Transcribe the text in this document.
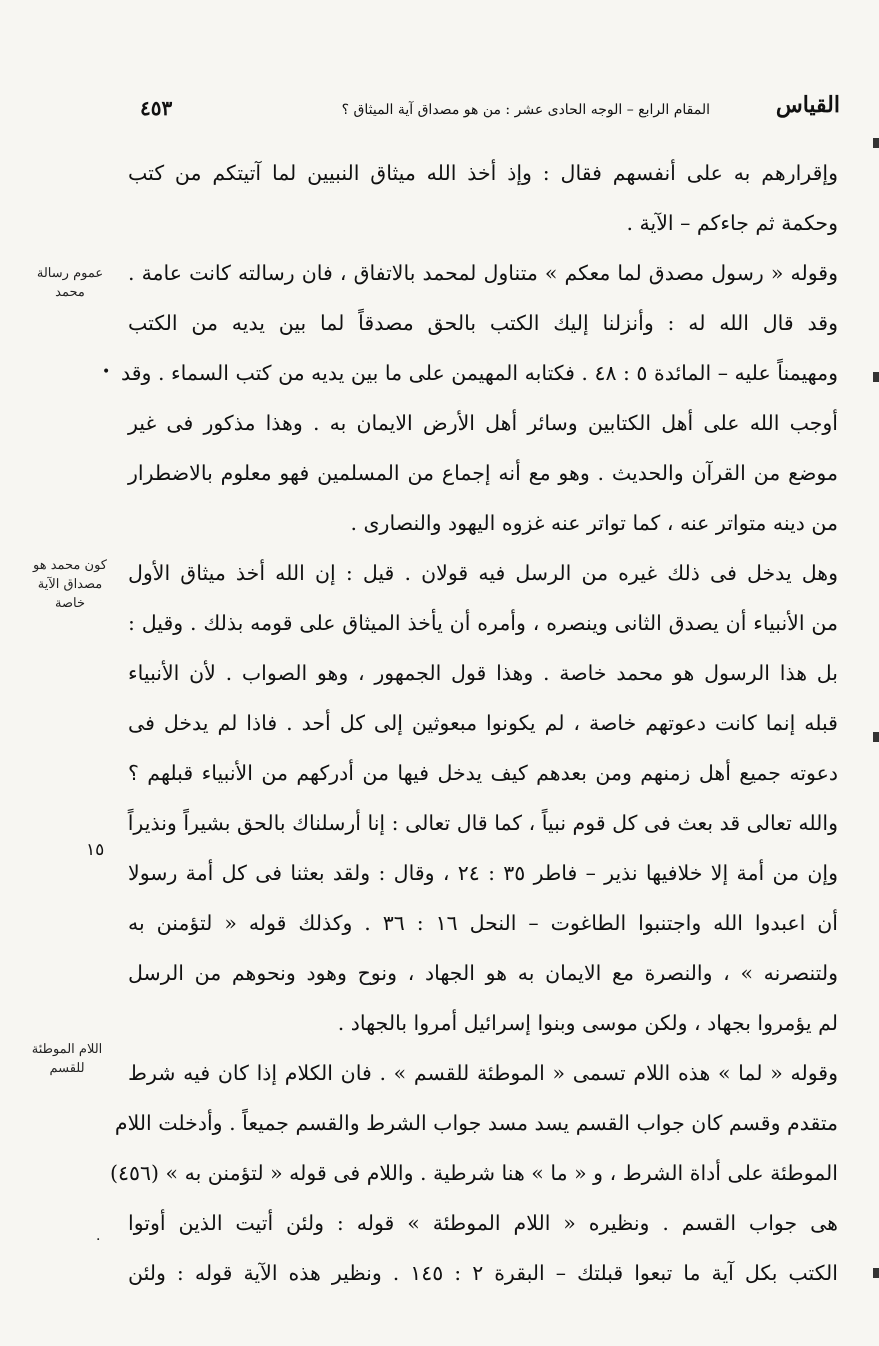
القياس
المقام الرابع – الوجه الحادى عشر : من هو مصداق آية الميثاق ؟
٤٥٣
وإقرارهم به على أنفسهم فقال : وإذ أخذ الله ميثاق النبيين لما آتيتكم من كتب
وحكمة ثم جاءكم – الآية .
وقوله « رسول مصدق لما معكم » متناول لمحمد بالاتفاق ، فان رسالته كانت عامة .
وقد قال الله له : وأنزلنا إليك الكتب بالحق مصدقاً لما بين يديه من الكتب
ومهيمناً عليه – المائدة ٥ : ٤٨ . فكتابه المهيمن على ما بين يديه من كتب السماء . وقد
أوجب الله على أهل الكتابين وسائر أهل الأرض الايمان به . وهذا مذكور فى غير
موضع من القرآن والحديث . وهو مع أنه إجماع من المسلمين فهو معلوم بالاضطرار
من دينه متواتر عنه ، كما تواتر عنه غزوه اليهود والنصارى .
وهل يدخل فى ذلك غيره من الرسل فيه قولان . قيل : إن الله أخذ ميثاق الأول
من الأنبياء أن يصدق الثانى وينصره ، وأمره أن يأخذ الميثاق على قومه بذلك . وقيل :
بل هذا الرسول هو محمد خاصة . وهذا قول الجمهور ، وهو الصواب . لأن الأنبياء
قبله إنما كانت دعوتهم خاصة ، لم يكونوا مبعوثين إلى كل أحد . فاذا لم يدخل فى
دعوته جميع أهل زمنهم ومن بعدهم كيف يدخل فيها من أدركهم من الأنبياء قبلهم ؟
والله تعالى قد بعث فى كل قوم نبياً ، كما قال تعالى : إنا أرسلناك بالحق بشيراً ونذيراً
وإن من أمة إلا خلافيها نذير – فاطر ٣٥ : ٢٤ ، وقال : ولقد بعثنا فى كل أمة رسولا
أن اعبدوا الله واجتنبوا الطاغوت – النحل ١٦ : ٣٦ . وكذلك قوله « لتؤمنن به
ولتنصرنه » ، والنصرة مع الايمان به هو الجهاد ، ونوح وهود ونحوهم من الرسل
لم يؤمروا بجهاد ، ولكن موسى وبنوا إسرائيل أمروا بالجهاد .
وقوله « لما » هذه اللام تسمى « الموطئة للقسم » . فان الكلام إذا كان فيه شرط
متقدم وقسم كان جواب القسم يسد مسد جواب الشرط والقسم جميعاً . وأدخلت اللام
الموطئة على أداة الشرط ، و « ما » هنا شرطية . واللام فى قوله « لتؤمنن به » (٤٥٦)
هى جواب القسم . ونظيره « اللام الموطئة » قوله : ولئن أتيت الذين أوتوا
الكتب بكل آية ما تبعوا قبلتك – البقرة ٢ : ١٤٥ . ونظير هذه الآية قوله : ولئن
عموم رسالة محمد
كون محمد هو مصداق الآية خاصة
اللام الموطئة للقسم
١٥
•
·
